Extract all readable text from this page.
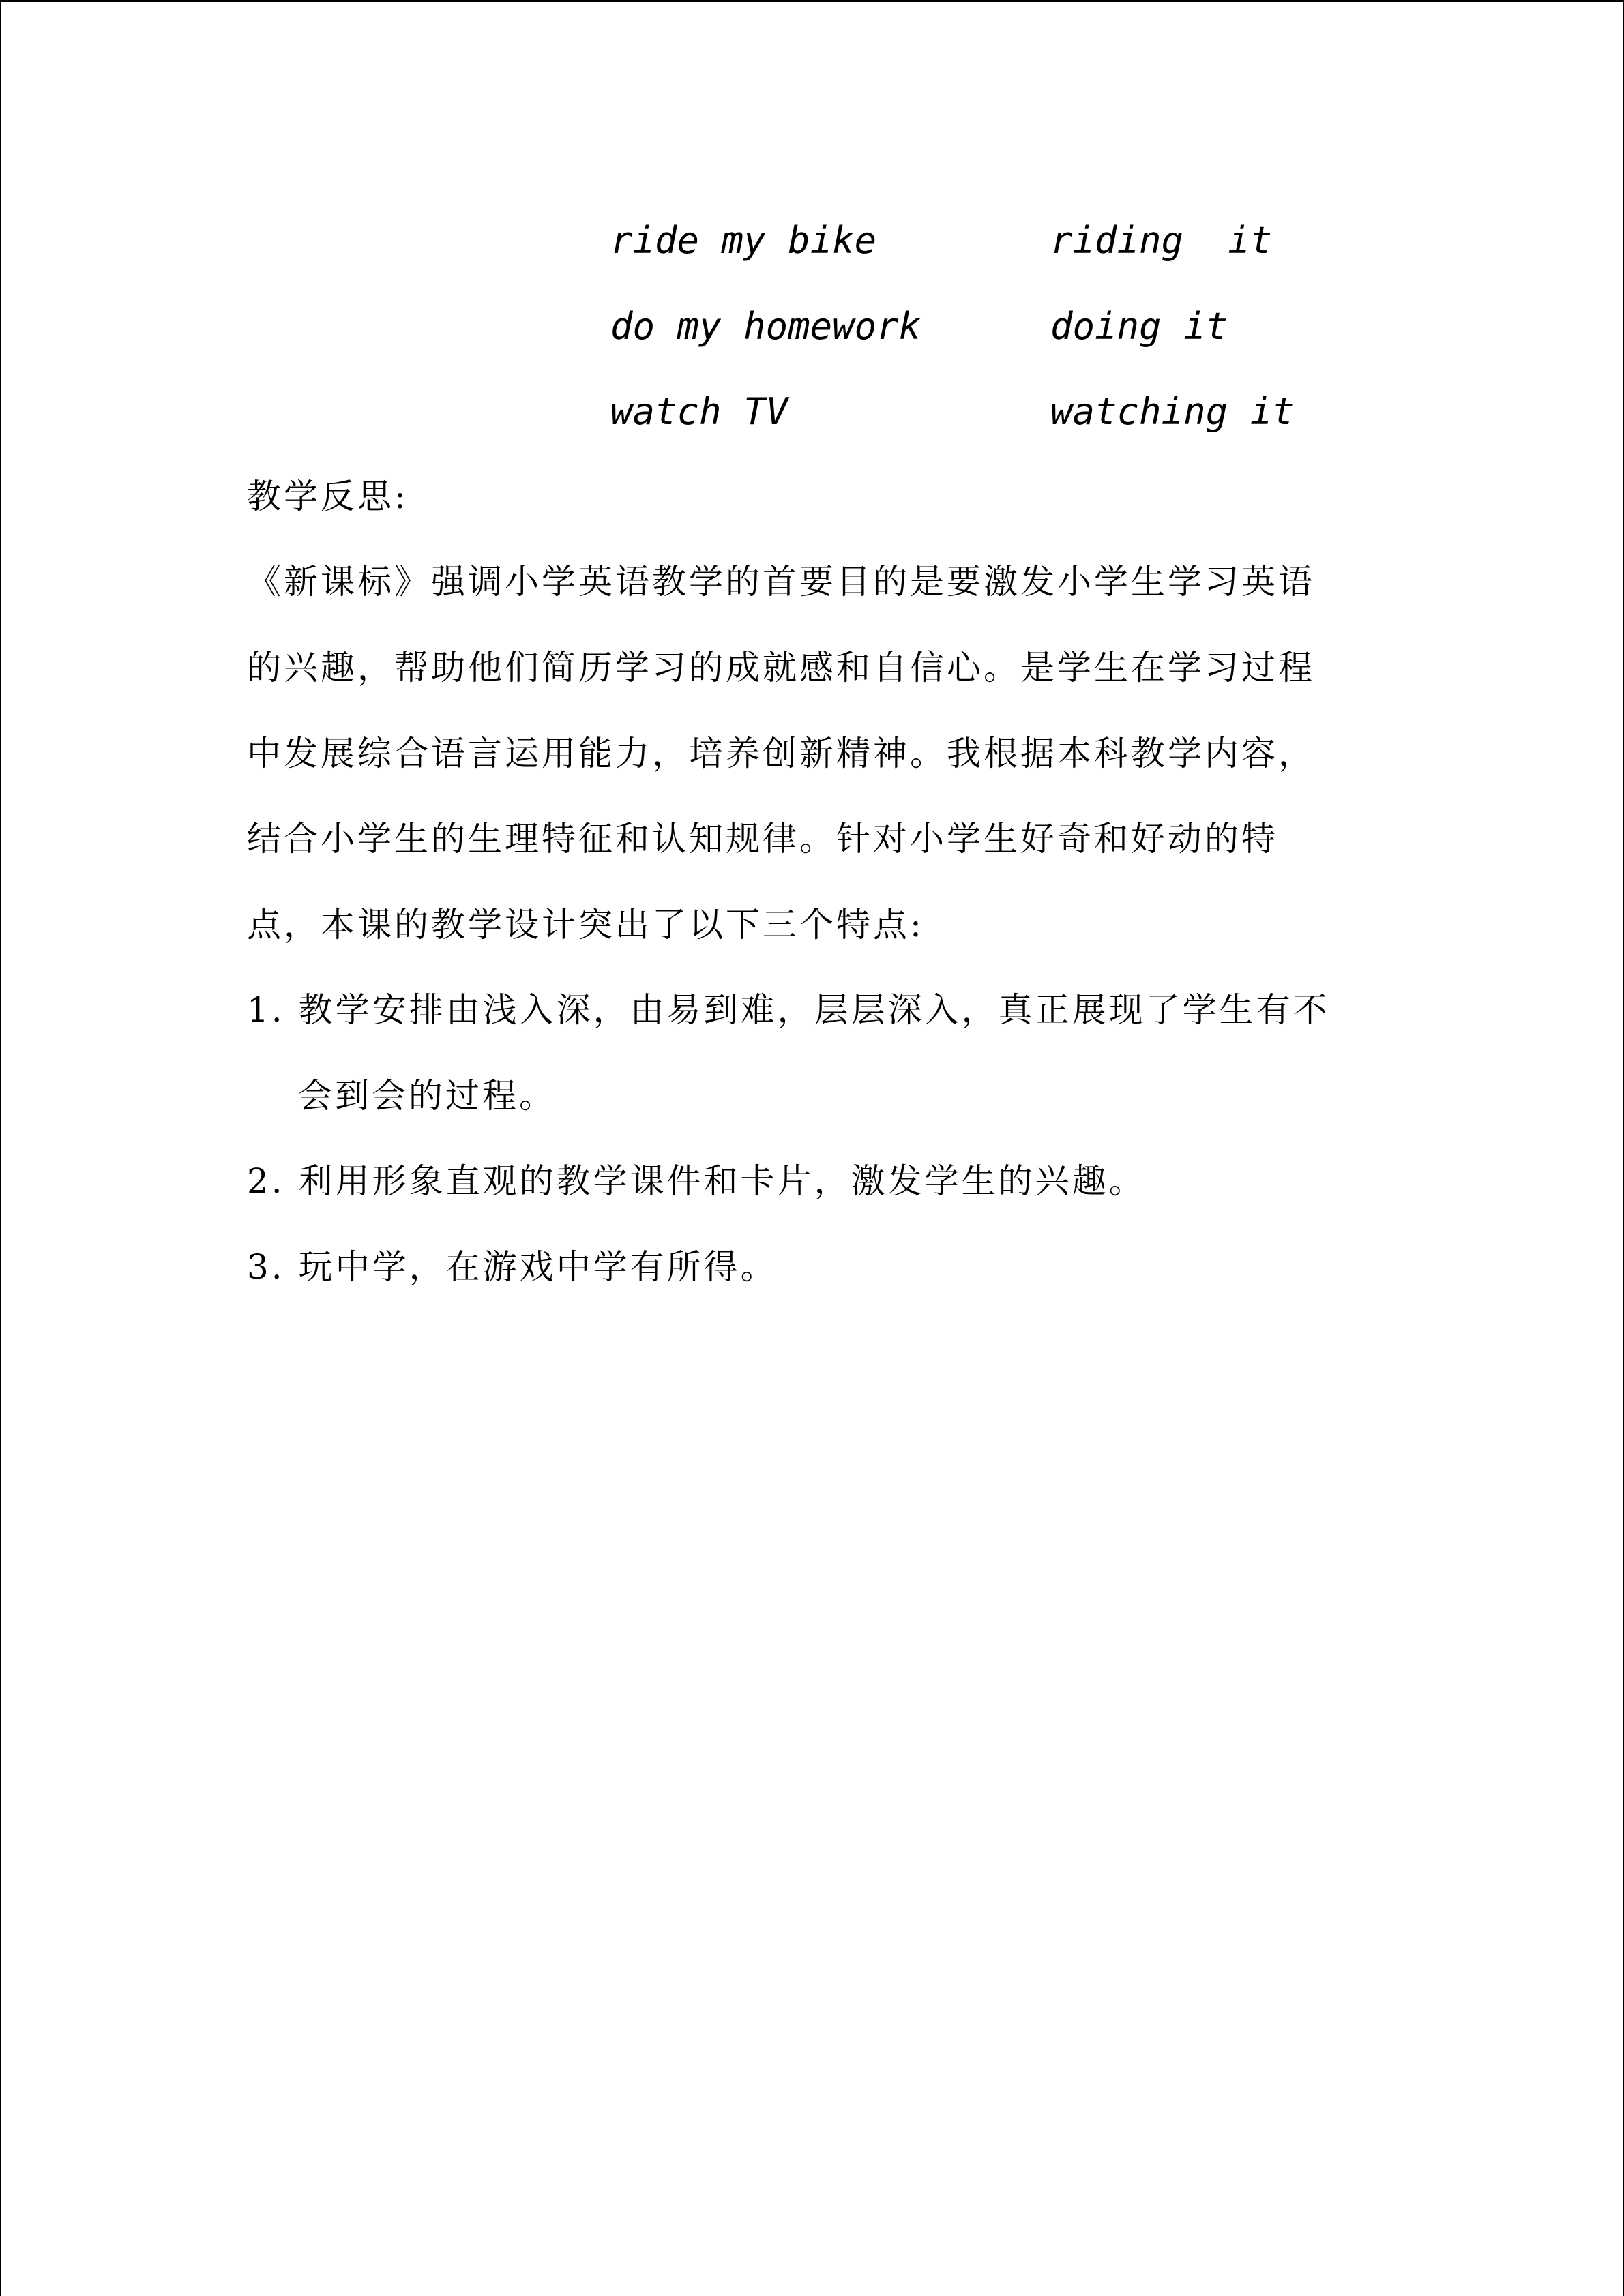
ride my bike	riding  it
do my homework	doing it
watch TV	watching it
教学反思:
《新课标》强调小学英语教学的首要目的是要激发小学生学习英语
的兴趣，帮助他们简历学习的成就感和自信心。是学生在学习过程
中发展综合语言运用能力，培养创新精神。我根据本科教学内容，
结合小学生的生理特征和认知规律。针对小学生好奇和好动的特
点，本课的教学设计突出了以下三个特点:
1. 教学安排由浅入深，由易到难，层层深入，真正展现了学生有不
会到会的过程。
2. 利用形象直观的教学课件和卡片，激发学生的兴趣。
3. 玩中学，在游戏中学有所得。
